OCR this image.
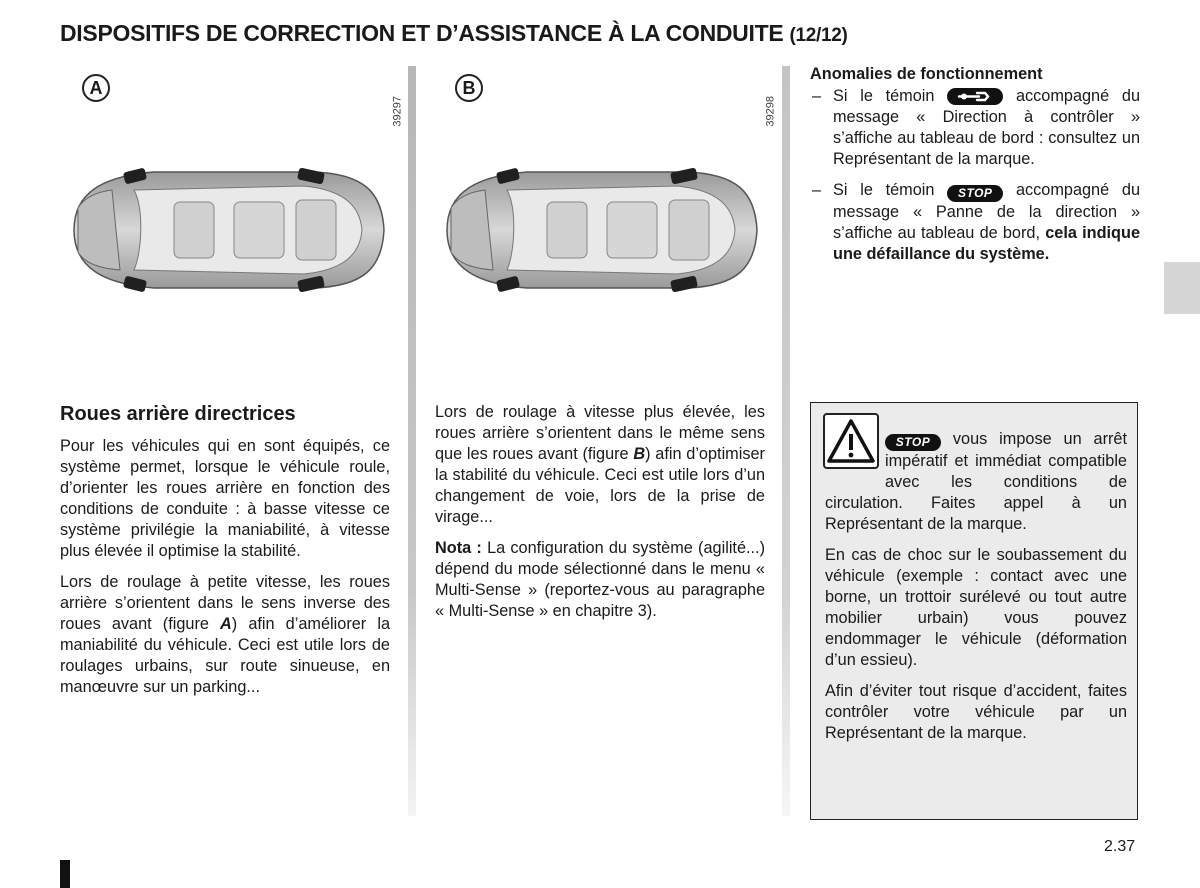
DISPOSITIFS DE CORRECTION ET D’ASSISTANCE À LA CONDUITE (12/12)
A
39297
B
39298
Roues arrière directrices

Pour les véhicules qui en sont équipés, ce système permet, lorsque le véhicule roule, d’orienter les roues arrière en fonction des conditions de conduite : à basse vitesse ce système privilégie la maniabilité, à vitesse plus élevée il optimise la stabilité.

Lors de roulage à petite vitesse, les roues arrière s’orientent dans le sens inverse des roues avant (figure A) afin d’améliorer la maniabilité du véhicule. Ceci est utile lors de roulages urbains, sur route sinueuse, en manœuvre sur un parking...

Lors de roulage à vitesse plus élevée, les roues arrière s’orientent dans le même sens que les roues avant (figure B) afin d’optimiser la stabilité du véhicule. Ceci est utile lors d’un changement de voie, lors de la prise de virage...

Nota : La configuration du système (agilité...) dépend du mode sélectionné dans le menu « Multi-Sense » (reportez-vous au paragraphe « Multi-Sense » en chapitre 3).

Anomalies de fonctionnement
– Si le témoin	accompagné du message « Direction à contrôler » s’affiche au tableau de bord : consultez un Représentant de la marque.
– Si le témoin STOP accompagné du message « Panne de la direction » s’affiche au tableau de bord, cela indique une défaillance du système.

STOP vous impose un arrêt impératif et immédiat compatible avec les conditions de circulation. Faites appel à un Représentant de la marque.

En cas de choc sur le soubassement du véhicule (exemple : contact avec une borne, un trottoir surélevé ou tout autre mobilier urbain) vous pouvez endommager le véhicule (déformation d’un essieu).

Afin d’éviter tout risque d’accident, faites contrôler votre véhicule par un Représentant de la marque.

2.37
